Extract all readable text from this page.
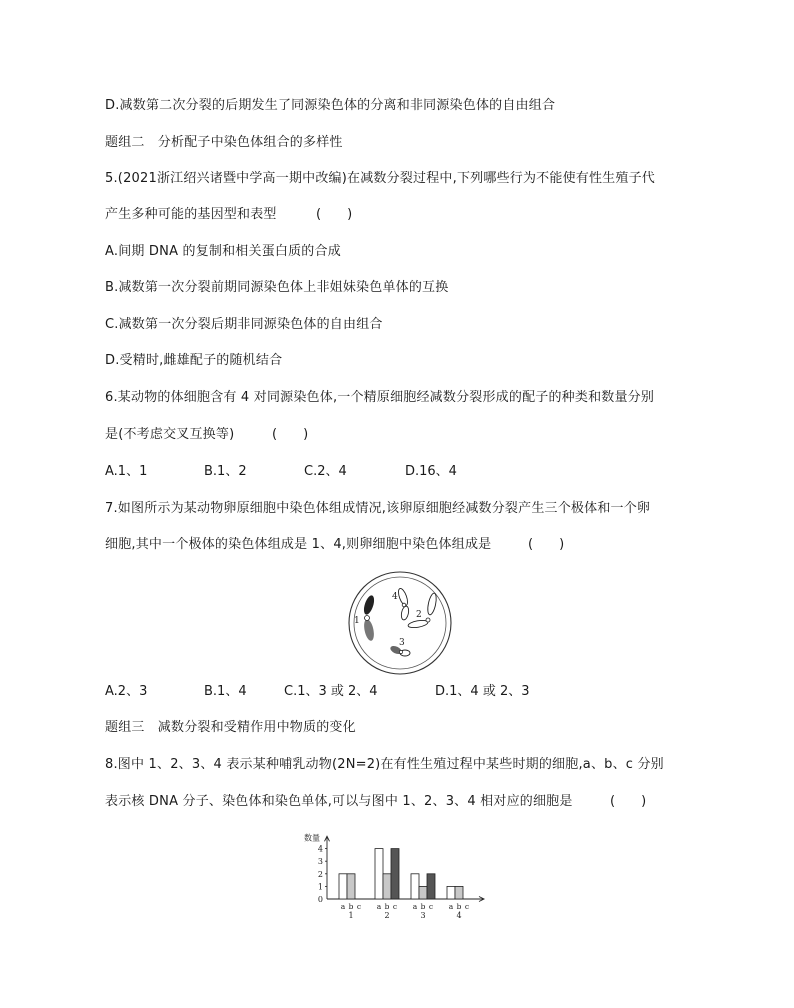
D.减数第二次分裂的后期发生了同源染色体的分离和非同源染色体的自由组合
题组二　分析配子中染色体组合的多样性
5.(2021浙江绍兴诸暨中学高一期中改编)在减数分裂过程中,下列哪些行为不能使有性生殖子代
产生多种可能的基因型和表型	(　　)
A.间期 DNA 的复制和相关蛋白质的合成
B.减数第一次分裂前期同源染色体上非姐妹染色单体的互换
C.减数第一次分裂后期非同源染色体的自由组合
D.受精时,雌雄配子的随机结合
6.某动物的体细胞含有 4 对同源染色体,一个精原细胞经减数分裂形成的配子的种类和数量分别
是(不考虑交叉互换等)	(　　)
A.1、1	B.1、2	C.2、4	D.16、4
7.如图所示为某动物卵原细胞中染色体组成情况,该卵原细胞经减数分裂产生三个极体和一个卵
细胞,其中一个极体的染色体组成是 1、4,则卵细胞中染色体组成是	(　　)
1
2
3
4
A.2、3	B.1、4	C.1、3 或 2、4	D.1、4 或 2、3
题组三　减数分裂和受精作用中物质的变化
8.图中 1、2、3、4 表示某种哺乳动物(2N=2)在有性生殖过程中某些时期的细胞,a、b、c 分别
表示核 DNA 分子、染色体和染色单体,可以与图中 1、2、3、4 相对应的细胞是	(　　)
数量
0
1
2
3
4
a b c
1
a b c
2
a b c
3
a b c
4
